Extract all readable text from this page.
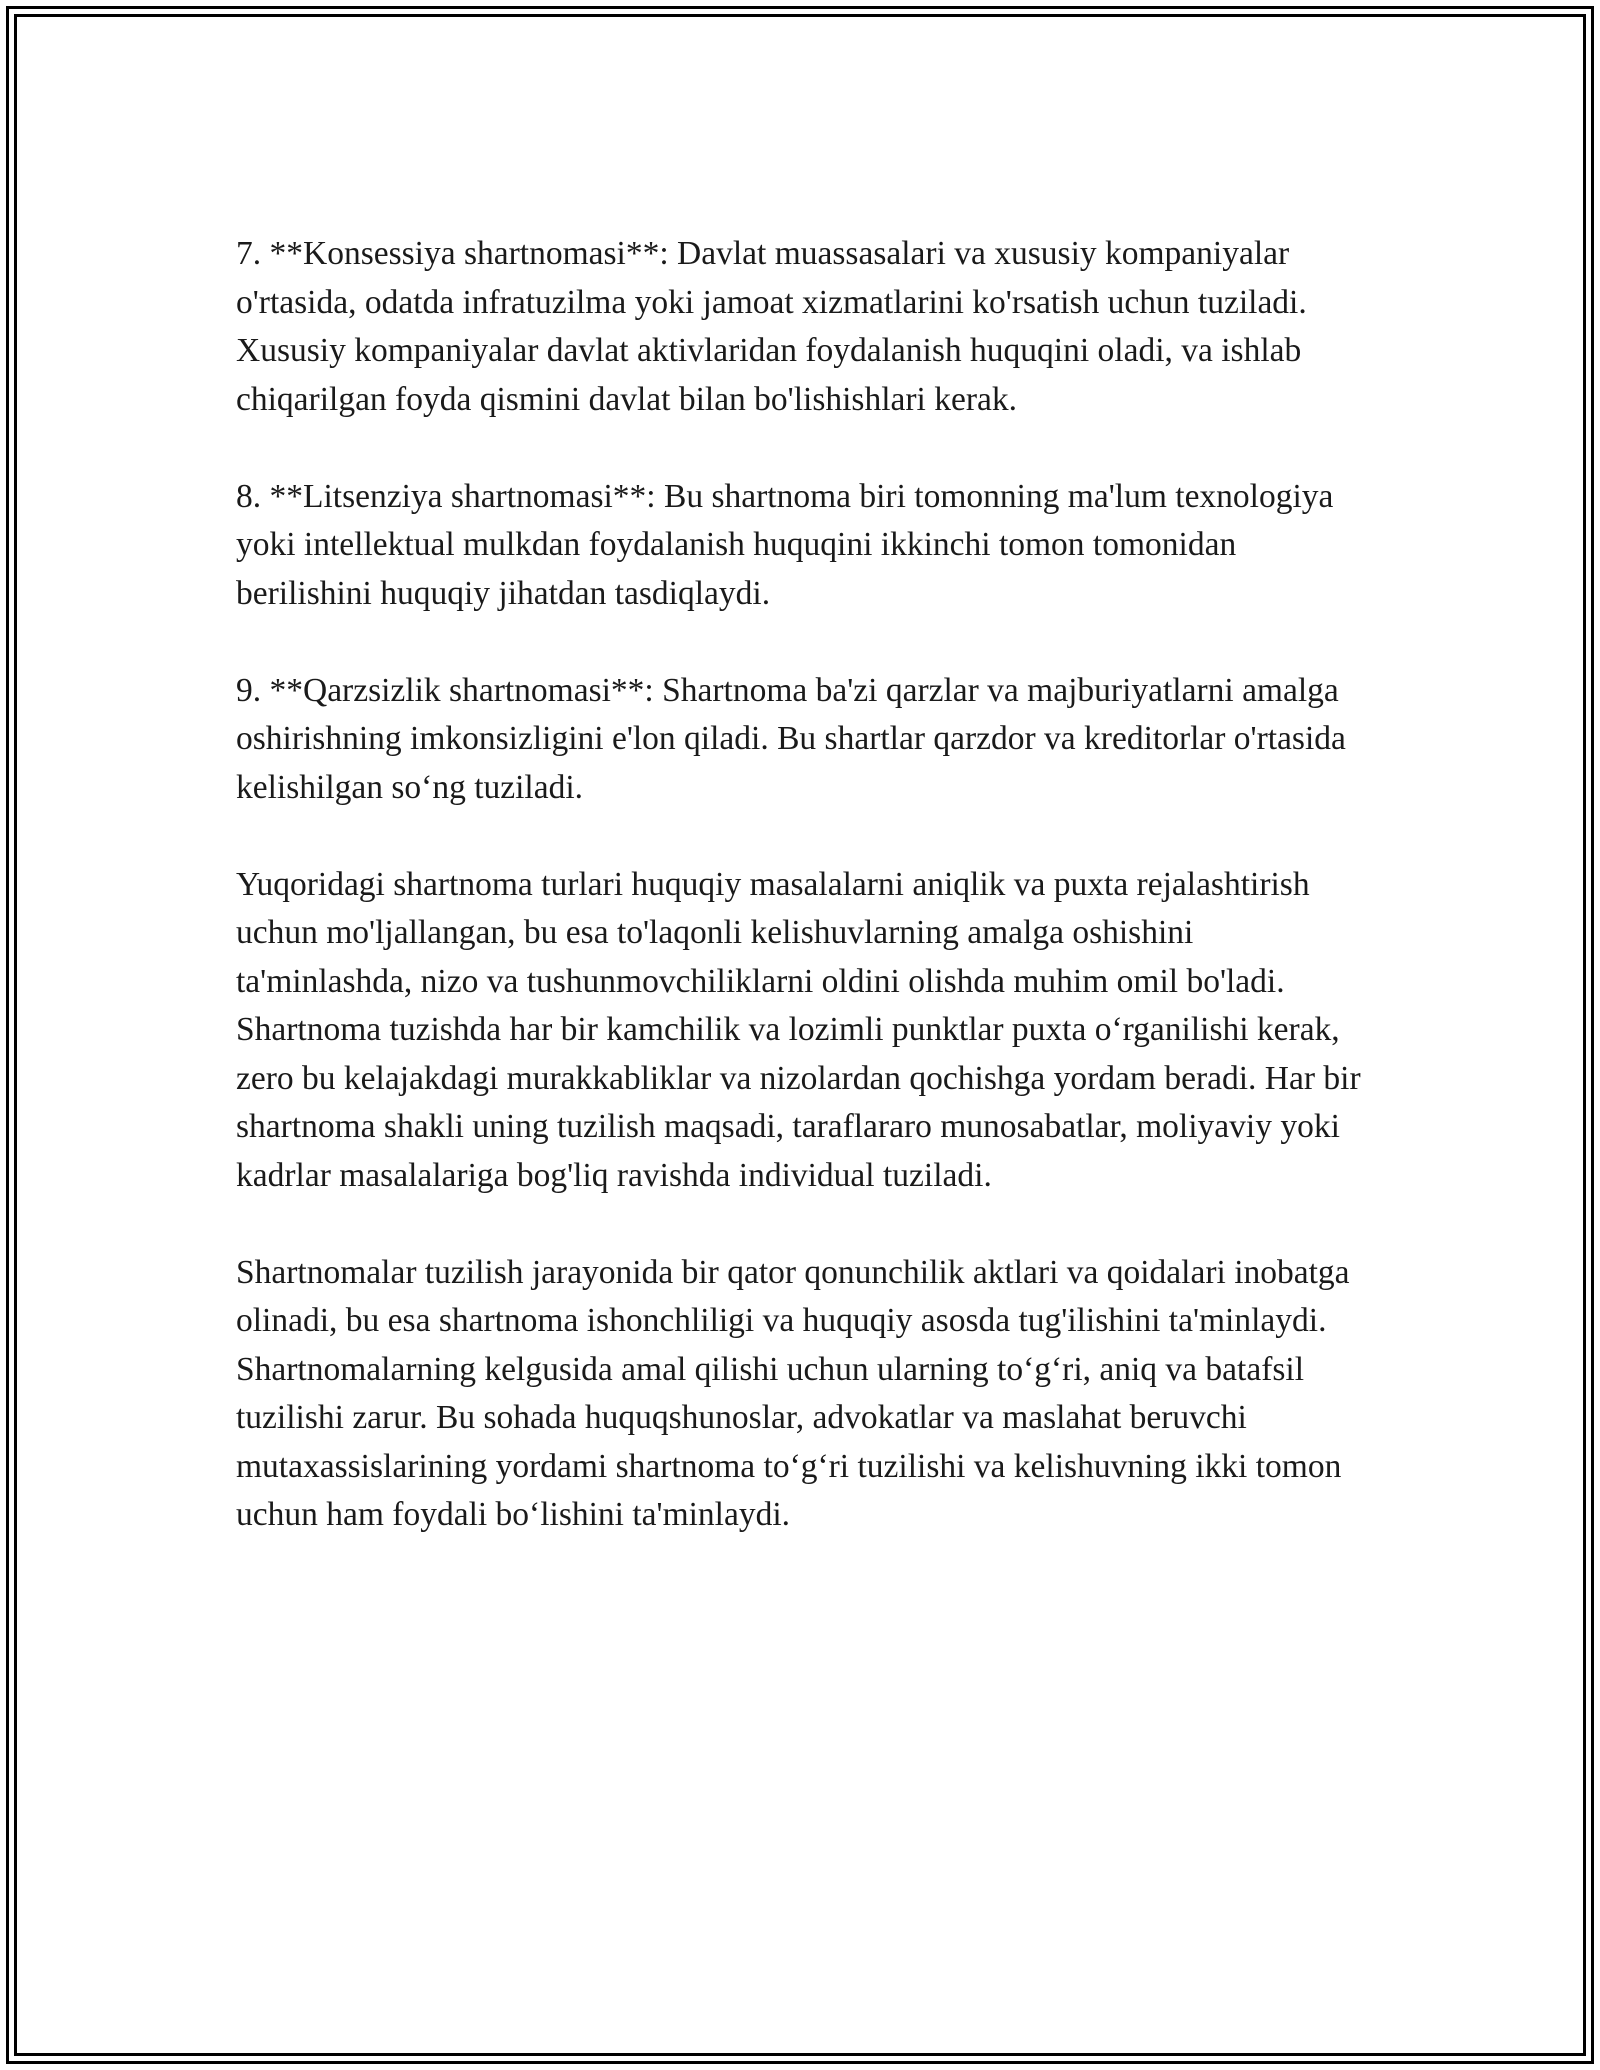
7. **Konsessiya shartnomasi**: Davlat muassasalari va xususiy kompaniyalar o'rtasida, odatda infratuzilma yoki jamoat xizmatlarini ko'rsatish uchun tuziladi. Xususiy kompaniyalar davlat aktivlaridan foydalanish huquqini oladi, va ishlab chiqarilgan foyda qismini davlat bilan bo'lishishlari kerak.

8. **Litsenziya shartnomasi**: Bu shartnoma biri tomonning ma'lum texnologiya yoki intellektual mulkdan foydalanish huquqini ikkinchi tomon tomonidan berilishini huquqiy jihatdan tasdiqlaydi.

9. **Qarzsizlik shartnomasi**: Shartnoma ba'zi qarzlar va majburiyatlarni amalga oshirishning imkonsizligini e'lon qiladi. Bu shartlar qarzdor va kreditorlar o'rtasida kelishilgan so‘ng tuziladi.

Yuqoridagi shartnoma turlari huquqiy masalalarni aniqlik va puxta rejalashtirish uchun mo'ljallangan, bu esa to'laqonli kelishuvlarning amalga oshishini ta'minlashda, nizo va tushunmovchiliklarni oldini olishda muhim omil bo'ladi. Shartnoma tuzishda har bir kamchilik va lozimli punktlar puxta o‘rganilishi kerak, zero bu kelajakdagi murakkabliklar va nizolardan qochishga yordam beradi. Har bir shartnoma shakli uning tuzilish maqsadi, taraflararo munosabatlar, moliyaviy yoki kadrlar masalalariga bog'liq ravishda individual tuziladi.

Shartnomalar tuzilish jarayonida bir qator qonunchilik aktlari va qoidalari inobatga olinadi, bu esa shartnoma ishonchliligi va huquqiy asosda tug'ilishini ta'minlaydi. Shartnomalarning kelgusida amal qilishi uchun ularning to‘g‘ri, aniq va batafsil tuzilishi zarur. Bu sohada huquqshunoslar, advokatlar va maslahat beruvchi mutaxassislarining yordami shartnoma to‘g‘ri tuzilishi va kelishuvning ikki tomon uchun ham foydali bo‘lishini ta'minlaydi.
